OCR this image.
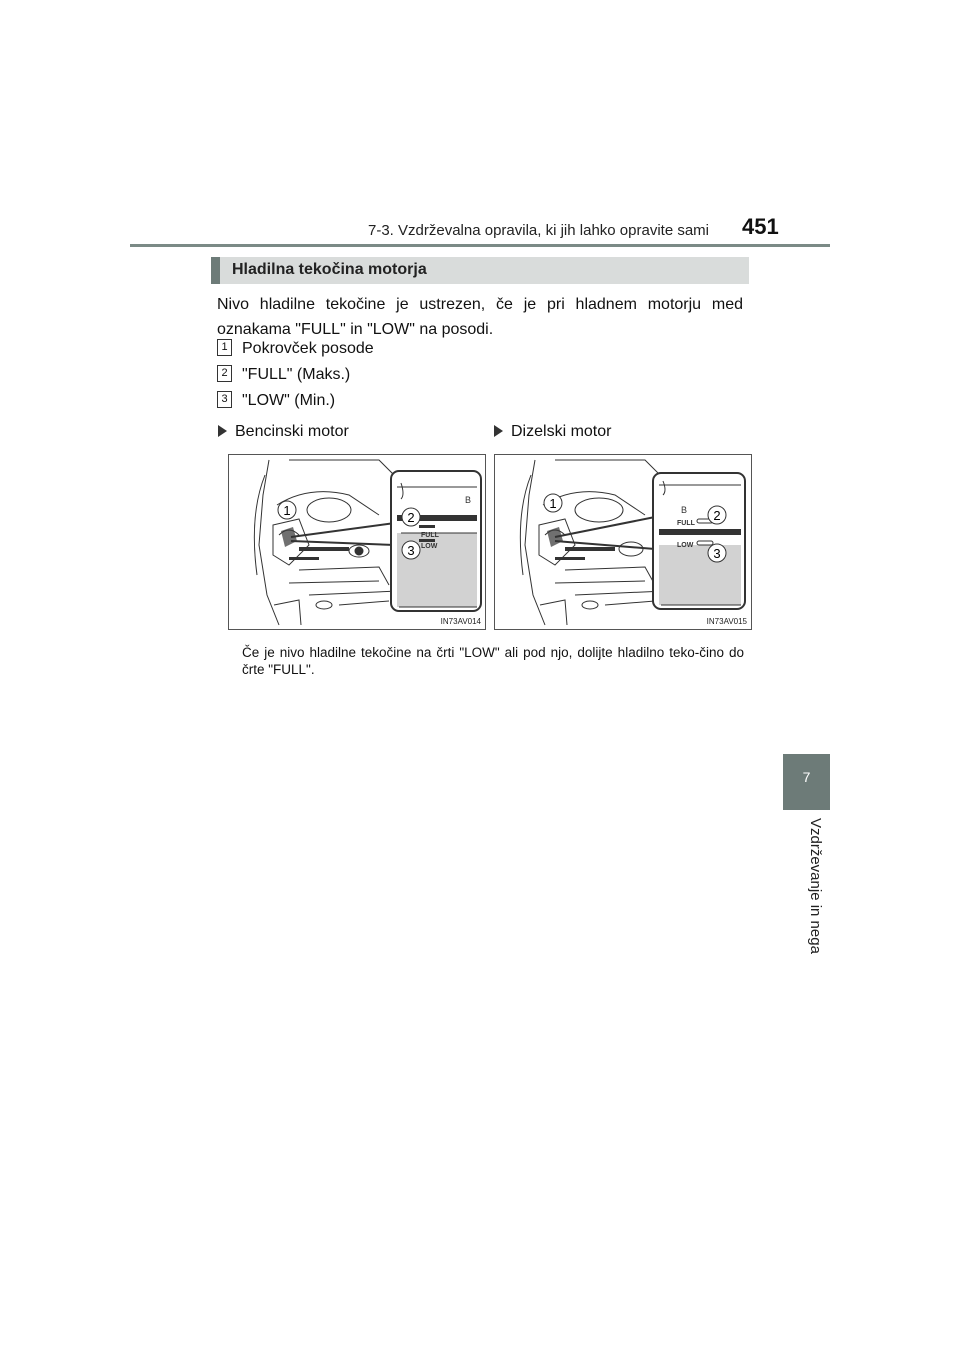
7-3. Vzdrževalna opravila, ki jih lahko opravite sami 451
7
Vzdrževanje in nega
Hladilna tekočina motorja
Nivo hladilne tekočine je ustrezen, če je pri hladnem motorju med oznakama "FULL" in "LOW" na posodi.
1 Pokrovček posode
2 "FULL" (Maks.)
3 "LOW" (Min.)
Bencinski motor	Dizelski motor
B
FULL
LOW
1	2
3
IN73AV014
B
FULL
LOW
1
2
3
IN73AV015
Če je nivo hladilne tekočine na črti "LOW" ali pod njo, dolijte hladilno teko-čino do črte "FULL".
